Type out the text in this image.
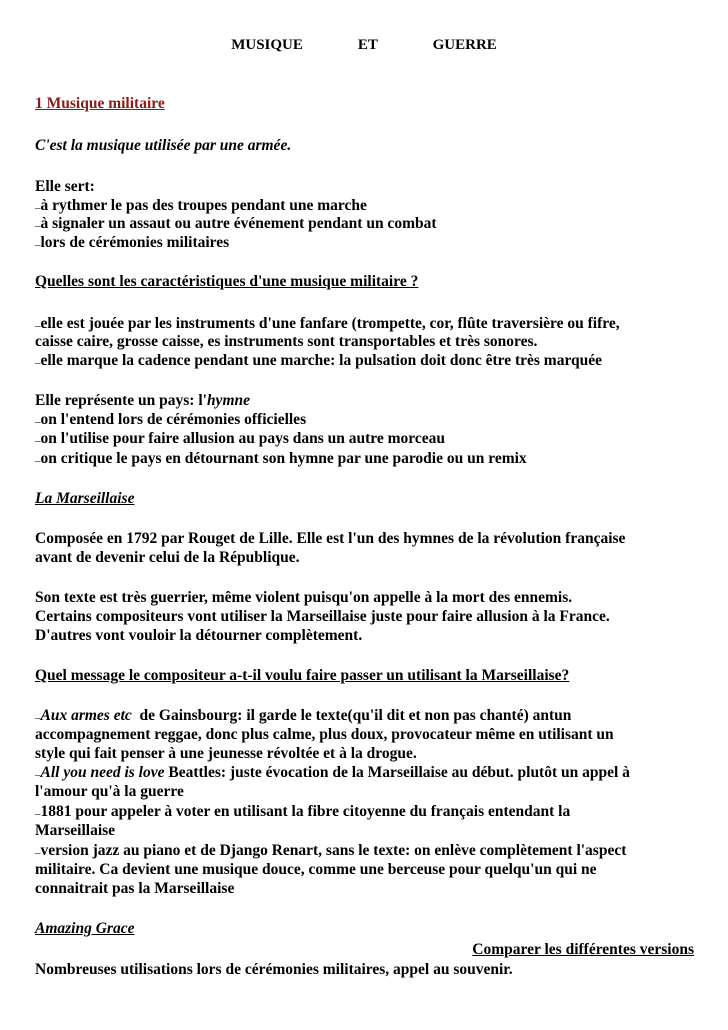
MUSIQUE    ET    GUERRE
1 Musique militaire
C'est la musique utilisée par une armée.
Elle sert:
–à rythmer le pas des troupes pendant une marche
–à signaler un assaut ou autre événement pendant un combat
–lors de cérémonies militaires
Quelles sont les caractéristiques d'une musique militaire ?
–elle est jouée par les instruments d'une fanfare (trompette, cor, flûte traversière ou fifre,
caisse caire, grosse caisse, es instruments sont transportables et très sonores.
–elle marque la cadence pendant une marche: la pulsation doit donc être très marquée
Elle représente un pays: l'hymne
–on l'entend lors de cérémonies officielles
–on l'utilise pour faire allusion au pays dans un autre morceau
–on critique le pays en détournant son hymne par une parodie ou un remix
La Marseillaise
Composée en 1792 par Rouget de Lille. Elle est l'un des hymnes de la révolution française
avant de devenir celui de la République.
Son texte est très guerrier, même violent puisqu'on appelle à la mort des ennemis.
Certains compositeurs vont utiliser la Marseillaise juste pour faire allusion à la France.
D'autres vont vouloir la détourner complètement.
Quel message le compositeur a-t-il voulu faire passer un utilisant la Marseillaise?
–Aux armes etc  de Gainsbourg: il garde le texte(qu'il dit et non pas chanté) antun
accompagnement reggae, donc plus calme, plus doux, provocateur même en utilisant un
style qui fait penser à une jeunesse révoltée et à la drogue.
–All you need is love Beattles: juste évocation de la Marseillaise au début. plutôt un appel à
l'amour qu'à la guerre
–1881 pour appeler à voter en utilisant la fibre citoyenne du français entendant la
Marseillaise
–version jazz au piano et de Django Renart, sans le texte: on enlève complètement l'aspect
militaire. Ca devient une musique douce, comme une berceuse pour quelqu'un qui ne
connaitrait pas la Marseillaise
Amazing Grace
Comparer les différentes versions
Nombreuses utilisations lors de cérémonies militaires, appel au souvenir.
